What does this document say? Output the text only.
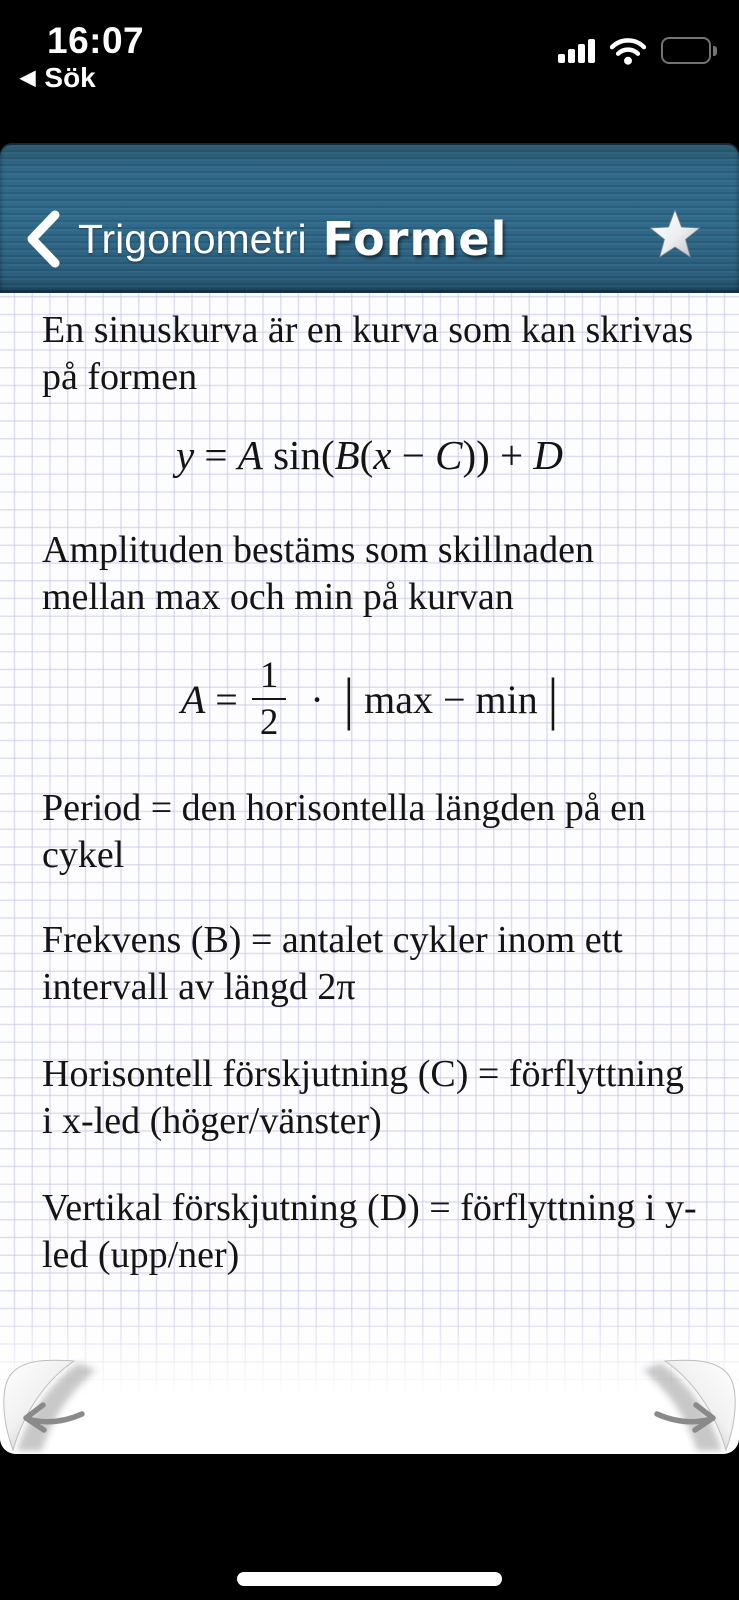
16:07
◀ Sök
Trigonometri Formel

En sinuskurva är en kurva som kan skrivas på formen

y = A sin( B ( x − C )) + D

Amplituden bestäms som skillnaden mellan max och min på kurvan

$A = \frac{1}{2}$ · | max − min |

Period = den horisontella längden på en cykel

Frekvens (B) = antalet cykler inom ett intervall av längd 2π

Horisontell förskjutning (C) = förflyttning i x-led (höger/vänster)

Vertikal förskjutning (D) = förflyttning i y-led (upp/ner)
